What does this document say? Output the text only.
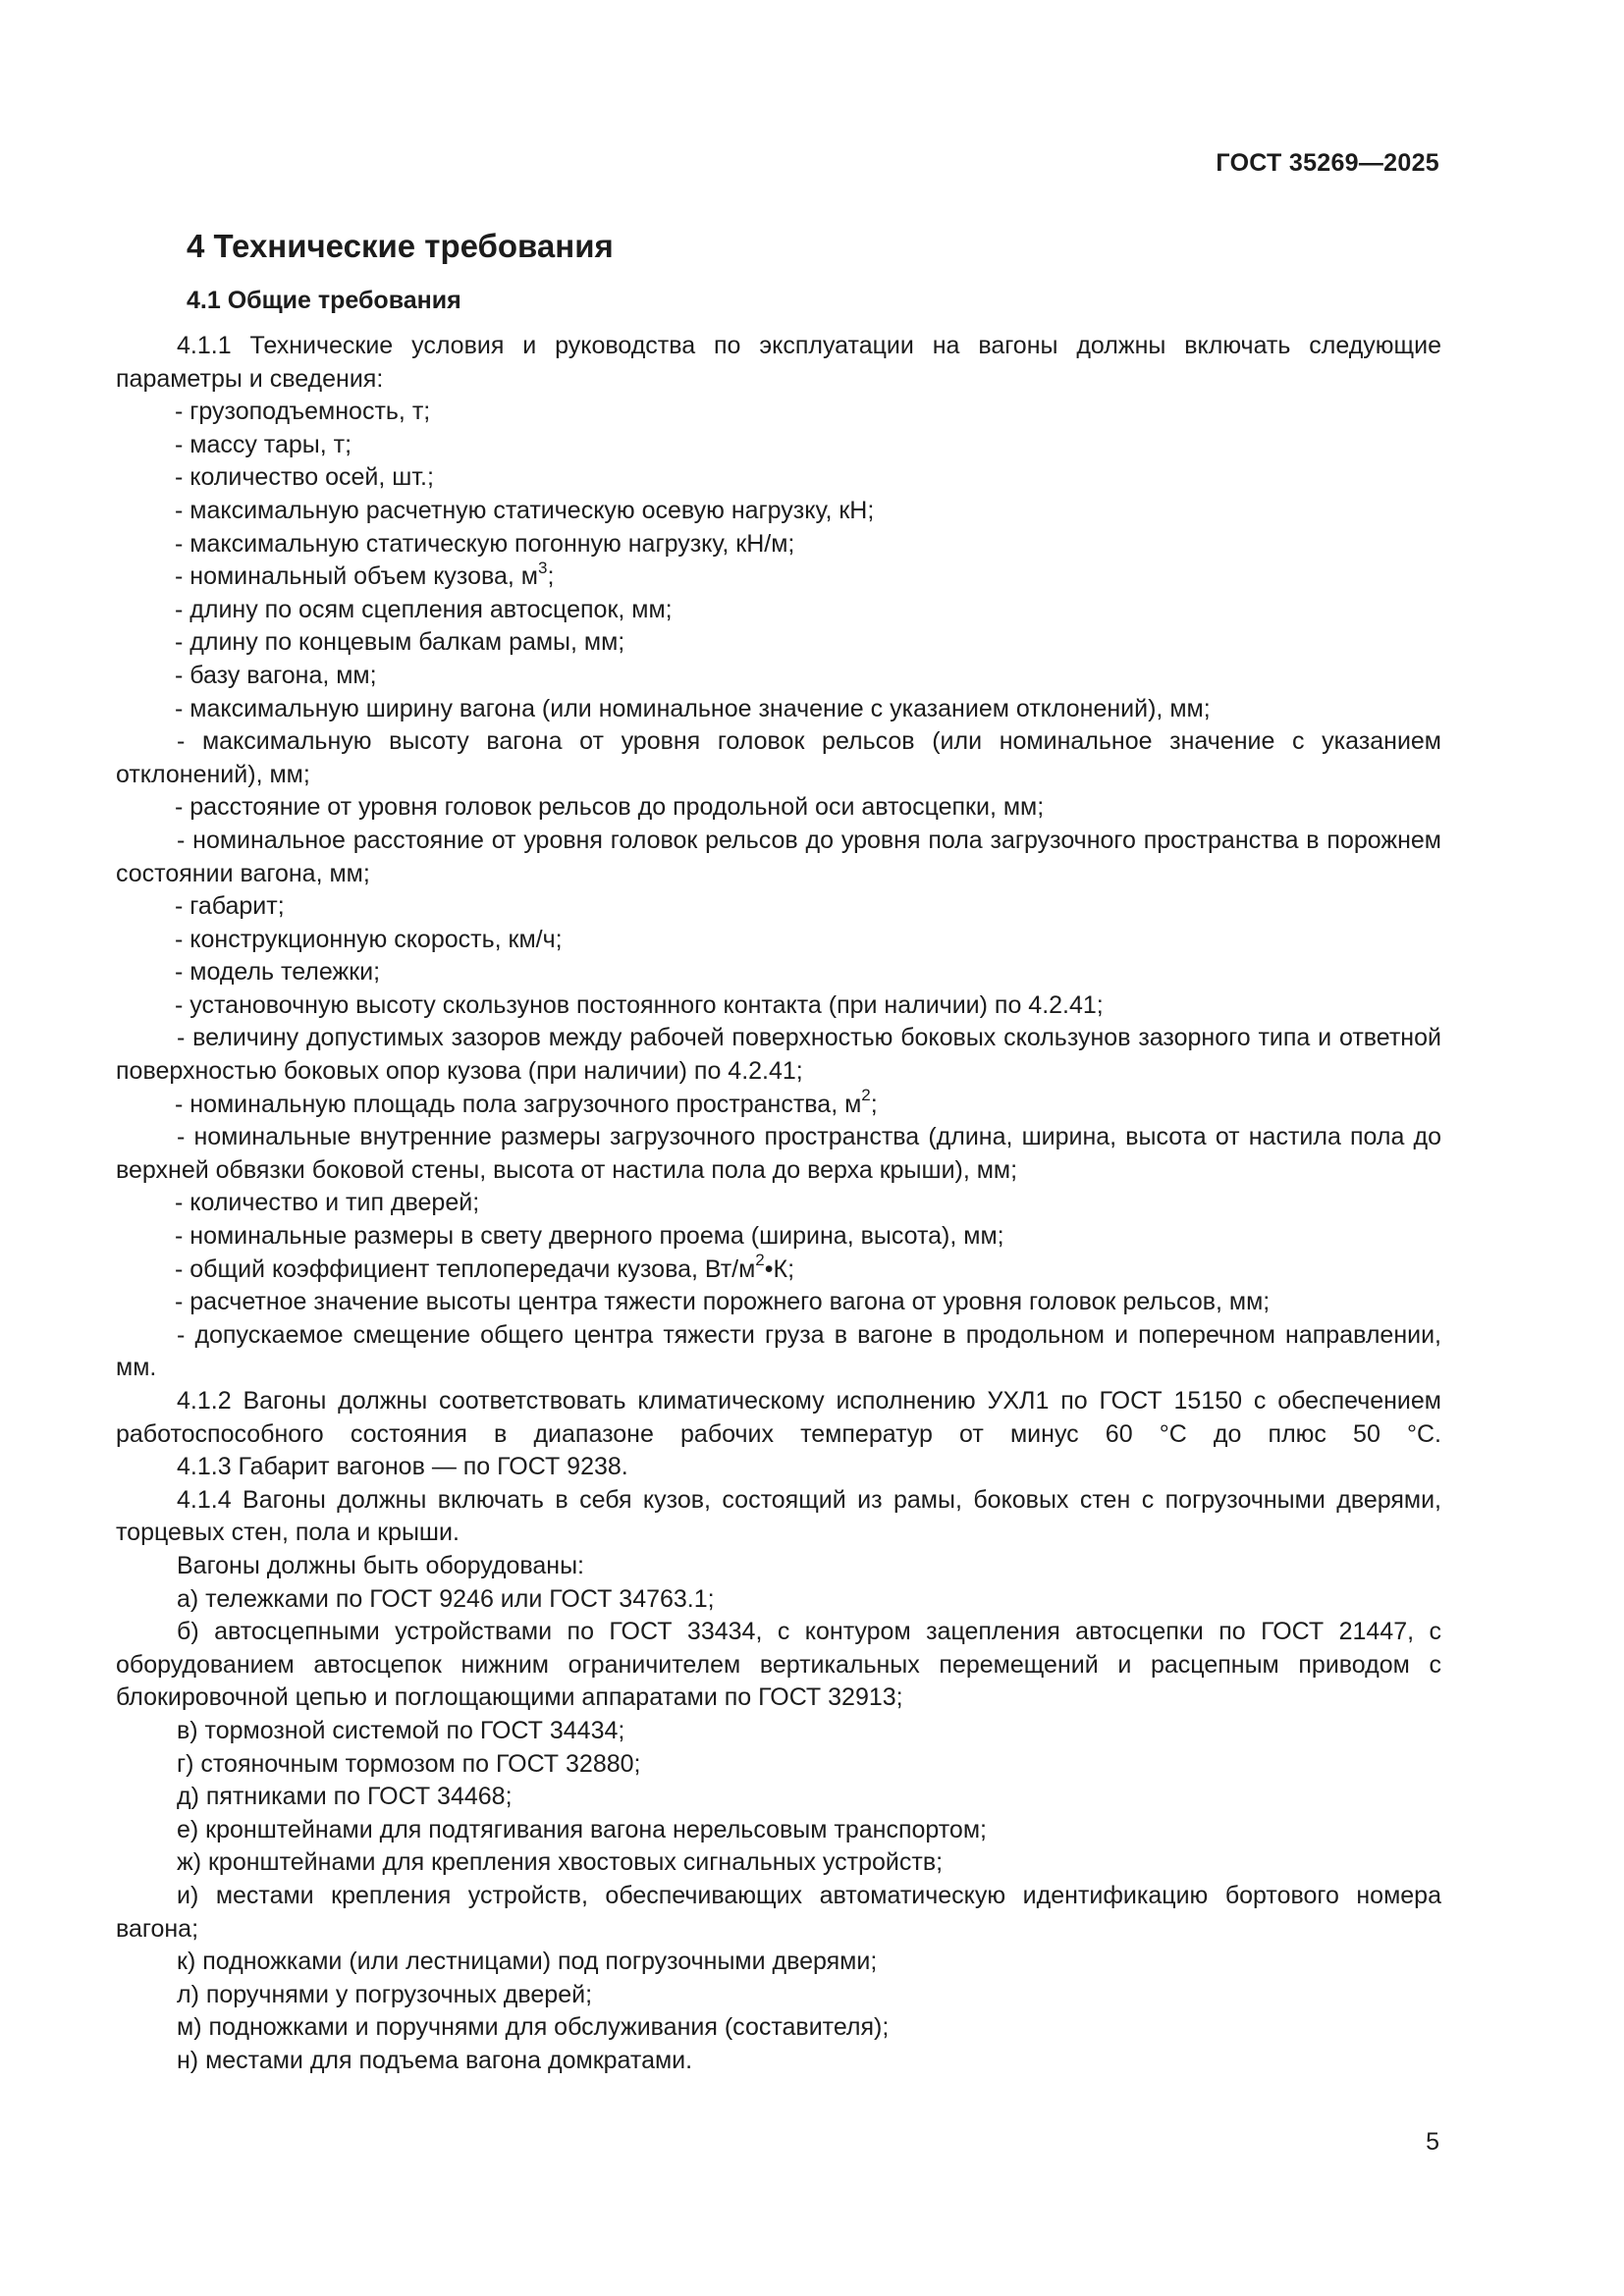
ГОСТ 35269—2025
4 Технические требования
4.1 Общие требования

4.1.1 Технические условия и руководства по эксплуатации на вагоны должны включать следующие параметры и сведения:

- грузоподъемность, т;

- массу тары, т;

- количество осей, шт.;

- максимальную расчетную статическую осевую нагрузку, кН;

- максимальную статическую погонную нагрузку, кН/м;

- номинальный объем кузова, $м^3$;

- длину по осям сцепления автосцепок, мм;

- длину по концевым балкам рамы, мм;

- базу вагона, мм;

- максимальную ширину вагона (или номинальное значение с указанием отклонений), мм;

- максимальную высоту вагона от уровня головок рельсов (или номинальное значение с указанием отклонений), мм;

- расстояние от уровня головок рельсов до продольной оси автосцепки, мм;

- номинальное расстояние от уровня головок рельсов до уровня пола загрузочного пространства в порожнем состоянии вагона, мм;

- габарит;

- конструкционную скорость, км/ч;

- модель тележки;

- установочную высоту скользунов постоянного контакта (при наличии) по 4.2.41;

- величину допустимых зазоров между рабочей поверхностью боковых скользунов зазорного типа и ответной поверхностью боковых опор кузова (при наличии) по 4.2.41;

- номинальную площадь пола загрузочного пространства, $м^2$;

- номинальные внутренние размеры загрузочного пространства (длина, ширина, высота от настила пола до верхней обвязки боковой стены, высота от настила пола до верха крыши), мм;

- количество и тип дверей;

- номинальные размеры в свету дверного проема (ширина, высота), мм;

- общий коэффициент теплопередачи кузова, $Вт/м^2•К$;

- расчетное значение высоты центра тяжести порожнего вагона от уровня головок рельсов, мм;

- допускаемое смещение общего центра тяжести груза в вагоне в продольном и поперечном направлении, мм.

4.1.2 Вагоны должны соответствовать климатическому исполнению УХЛ1 по ГОСТ 15150 с обеспечением работоспособного состояния в диапазоне рабочих температур от минус 60 °С до плюс 50 °С.

4.1.3 Габарит вагонов — по ГОСТ 9238.

4.1.4 Вагоны должны включать в себя кузов, состоящий из рамы, боковых стен с погрузочными дверями, торцевых стен, пола и крыши.

Вагоны должны быть оборудованы:

а) тележками по ГОСТ 9246 или ГОСТ 34763.1;

б) автосцепными устройствами по ГОСТ 33434, с контуром зацепления автосцепки по ГОСТ 21447, с оборудованием автосцепок нижним ограничителем вертикальных перемещений и расцепным приводом с блокировочной цепью и поглощающими аппаратами по ГОСТ 32913;

в) тормозной системой по ГОСТ 34434;

г) стояночным тормозом по ГОСТ 32880;

д) пятниками по ГОСТ 34468;

е) кронштейнами для подтягивания вагона нерельсовым транспортом;

ж) кронштейнами для крепления хвостовых сигнальных устройств;

и) местами крепления устройств, обеспечивающих автоматическую идентификацию бортового номера вагона;

к) подножками (или лестницами) под погрузочными дверями;

л) поручнями у погрузочных дверей;

м) подножками и поручнями для обслуживания (составителя);

н) местами для подъема вагона домкратами.

5
